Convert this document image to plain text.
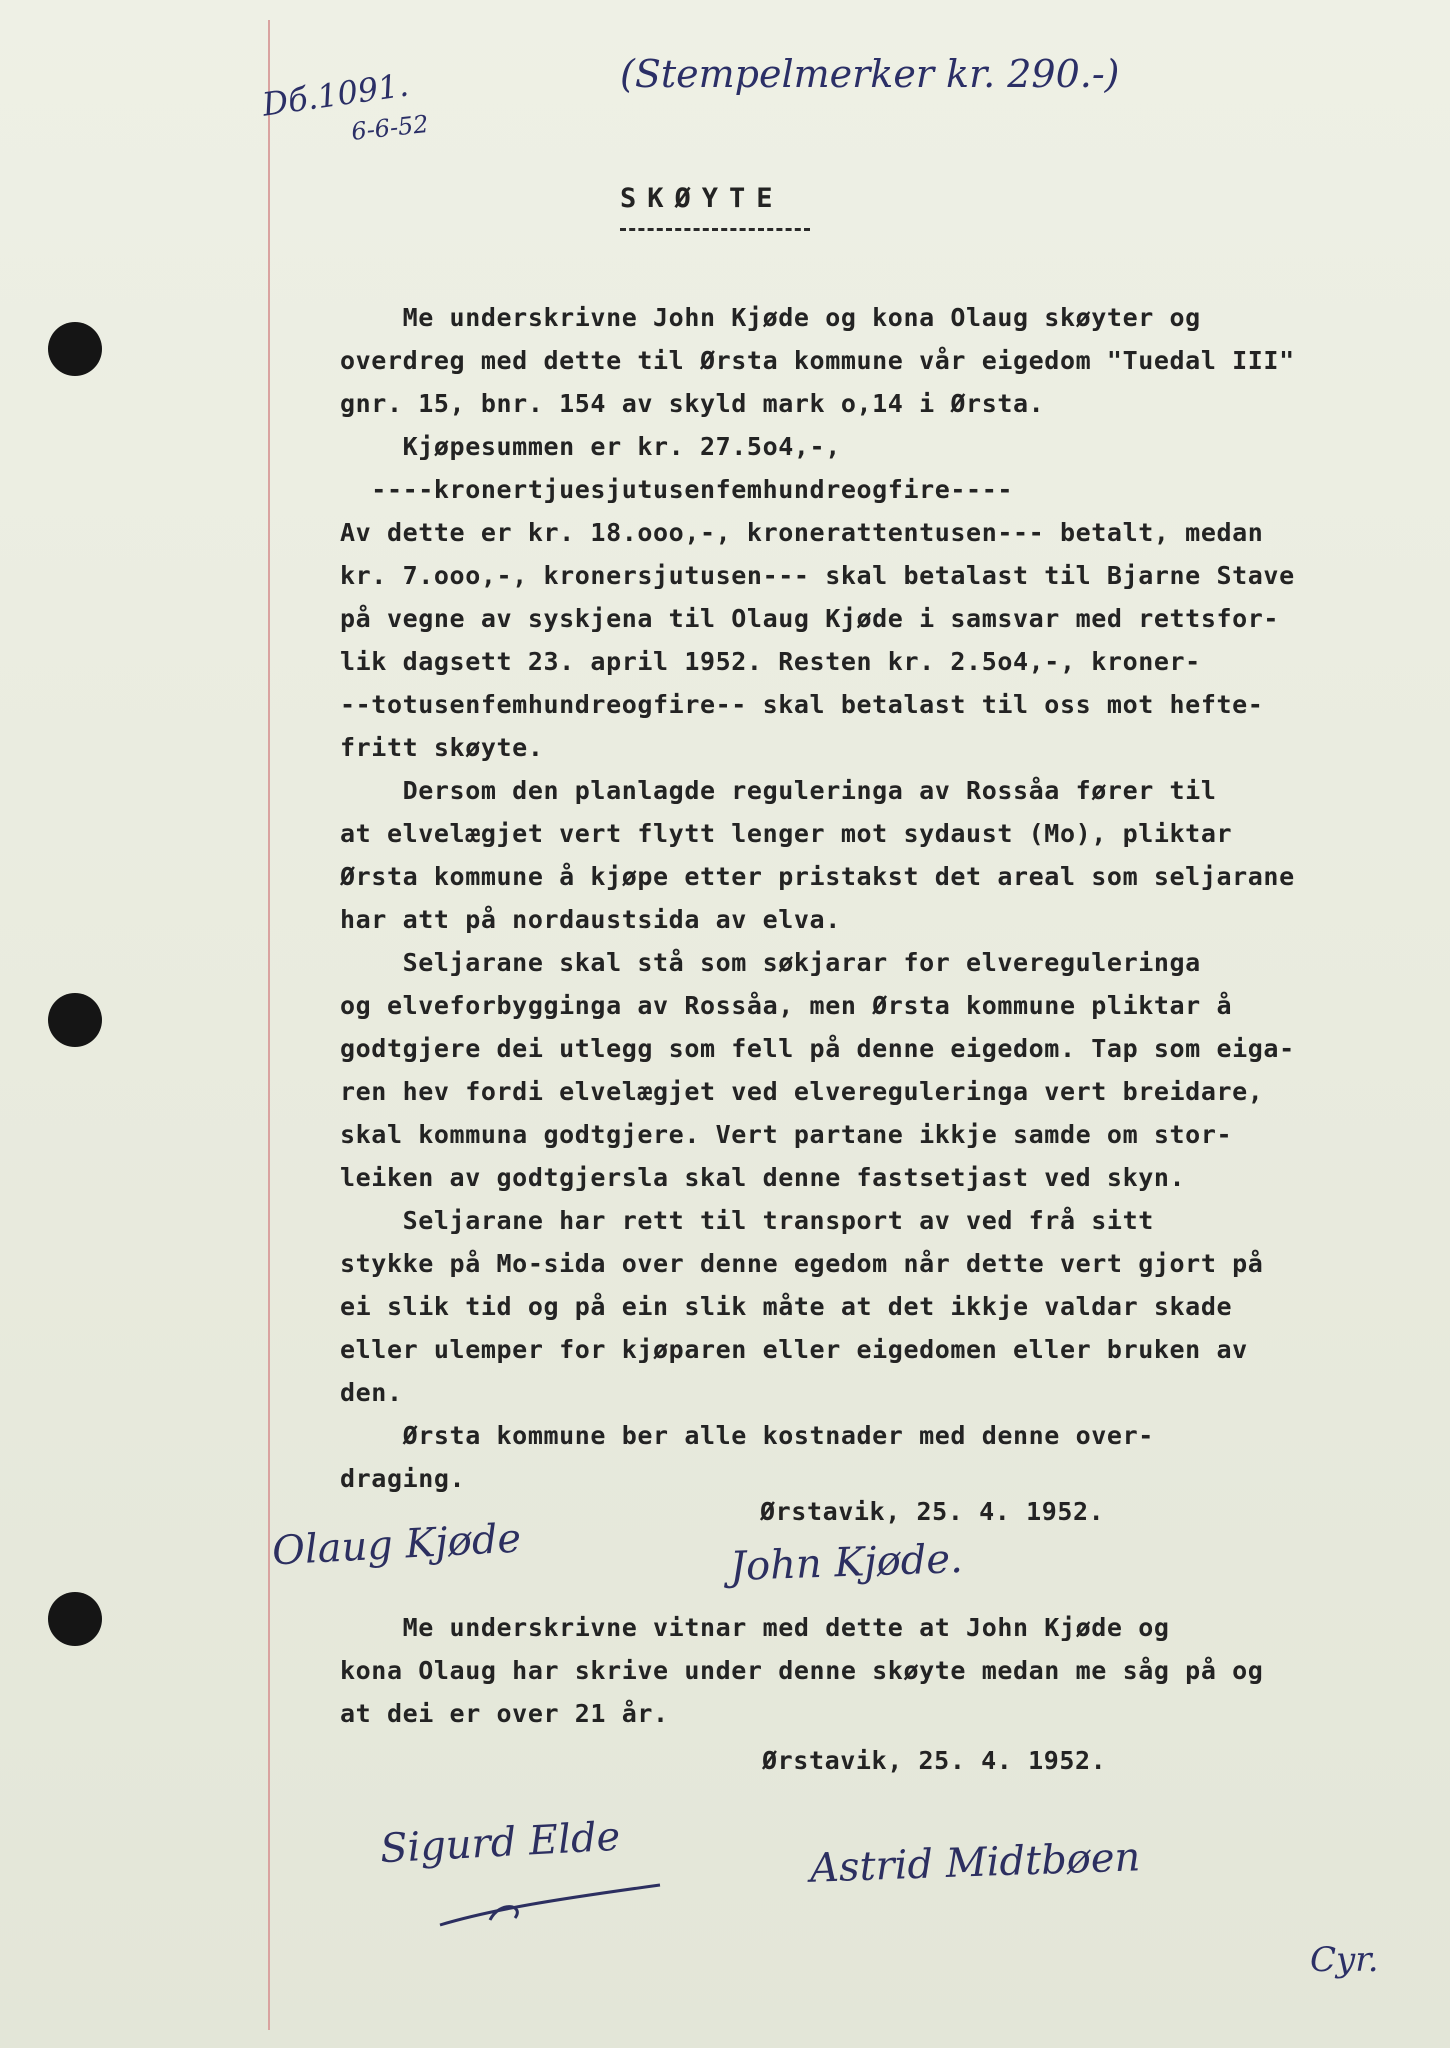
Dб.1091.
6-6-52
(Stempelmerker kr. 290.-)
SKØYTE
Me underskrivne John Kjøde og kona Olaug skøyter og
overdreg med dette til Ørsta kommune vår eigedom "Tuedal III"
gnr. 15, bnr. 154 av skyld mark o,14 i Ørsta.
Kjøpesummen er kr. 27.5o4,-,
----kronertjuesjutusenfemhundreogfire----
Av dette er kr. 18.ooo,-, kronerattentusen--- betalt, medan
kr. 7.ooo,-, kronersjutusen--- skal betalast til Bjarne Stave
på vegne av syskjena til Olaug Kjøde i samsvar med rettsfor-
lik dagsett 23. april 1952. Resten kr. 2.5o4,-, kroner-
--totusenfemhundreogfire-- skal betalast til oss mot hefte-
fritt skøyte.
Dersom den planlagde reguleringa av Rossåa fører til
at elvelægjet vert flytt lenger mot sydaust (Mo), pliktar
Ørsta kommune å kjøpe etter pristakst det areal som seljarane
har att på nordaustsida av elva.
Seljarane skal stå som søkjarar for elvereguleringa
og elveforbygginga av Rossåa, men Ørsta kommune pliktar å
godtgjere dei utlegg som fell på denne eigedom. Tap som eiga-
ren hev fordi elvelægjet ved elvereguleringa vert breidare,
skal kommuna godtgjere. Vert partane ikkje samde om stor-
leiken av godtgjersla skal denne fastsetjast ved skyn.
Seljarane har rett til transport av ved frå sitt
stykke på Mo-sida over denne egedom når dette vert gjort på
ei slik tid og på ein slik måte at det ikkje valdar skade
eller ulemper for kjøparen eller eigedomen eller bruken av
den.
Ørsta kommune ber alle kostnader med denne over-
draging.
Ørstavik, 25. 4. 1952.
Olaug Kjøde	John Kjøde.
Me underskrivne vitnar med dette at John Kjøde og
kona Olaug har skrive under denne skøyte medan me såg på og
at dei er over 21 år.
Ørstavik, 25. 4. 1952.
Sigurd Elde	Astrid Midtbøen
Cyr.
